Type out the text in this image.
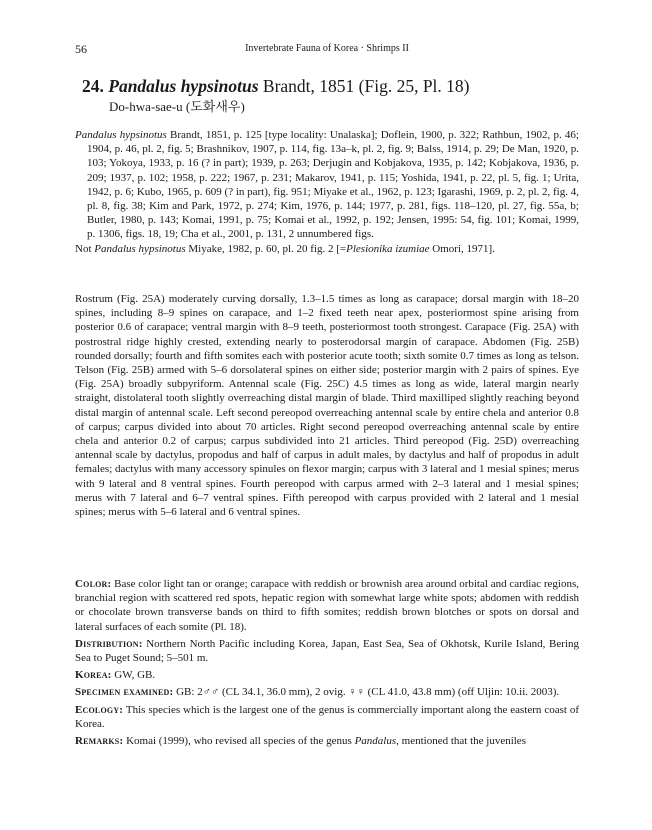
56	Invertebrate Fauna of Korea · Shrimps II
24. Pandalus hypsinotus Brandt, 1851 (Fig. 25, Pl. 18)
Do-hwa-sae-u (도화새우)

Pandalus hypsinotus Brandt, 1851, p. 125 [type locality: Unalaska]; Doflein, 1900, p. 322; Rathbun, 1902, p. 46; 1904, p. 46, pl. 2, fig. 5; Brashnikov, 1907, p. 114, fig. 13a–k, pl. 2, fig. 9; Balss, 1914, p. 29; De Man, 1920, p. 103; Yokoya, 1933, p. 16 (? in part); 1939, p. 263; Derjugin and Kobjakova, 1935, p. 142; Kobjakova, 1936, p. 209; 1937, p. 102; 1958, p. 222; 1967, p. 231; Makarov, 1941, p. 115; Yoshida, 1941, p. 22, pl. 5, fig. 1; Urita, 1942, p. 6; Kubo, 1965, p. 609 (? in part), fig. 951; Miyake et al., 1962, p. 123; Igarashi, 1969, p. 2, pl. 2, fig. 4, pl. 8, fig. 38; Kim and Park, 1972, p. 274; Kim, 1976, p. 144; 1977, p. 281, figs. 118–120, pl. 27, fig. 55a, b; Butler, 1980, p. 143; Komai, 1991, p. 75; Komai et al., 1992, p. 192; Jensen, 1995: 54, fig. 101; Komai, 1999, p. 1306, figs. 18, 19; Cha et al., 2001, p. 131, 2 unnumbered figs.

Not Pandalus hypsinotus Miyake, 1982, p. 60, pl. 20 fig. 2 [=Plesionika izumiae Omori, 1971].

Rostrum (Fig. 25A) moderately curving dorsally, 1.3–1.5 times as long as carapace; dorsal margin with 18–20 spines, including 8–9 spines on carapace, and 1–2 fixed teeth near apex, posteriormost spine arising from posterior 0.6 of carapace; ventral margin with 8–9 teeth, posteriormost tooth strongest. Carapace (Fig. 25A) with postrostral ridge highly crested, extending nearly to posterodorsal margin of carapace. Abdomen (Fig. 25B) rounded dorsally; fourth and fifth somites each with posterior acute tooth; sixth somite 0.7 times as long as telson. Telson (Fig. 25B) armed with 5–6 dorsolateral spines on either side; posterior margin with 2 pairs of spines. Eye (Fig. 25A) broadly subpyriform. Antennal scale (Fig. 25C) 4.5 times as long as wide, lateral margin nearly straight, distolateral tooth slightly overreaching distal margin of blade. Third maxilliped slightly reaching beyond distal margin of antennal scale. Left second pereopod overreaching antennal scale by entire chela and anterior 0.8 of carpus; carpus divided into about 70 articles. Right second pereopod overreaching antennal scale by entire chela and anterior 0.2 of carpus; carpus subdivided into 21 articles. Third pereopod (Fig. 25D) overreaching antennal scale by dactylus, propodus and half of carpus in adult males, by dactylus and half of propodus in adult females; dactylus with many accessory spinules on flexor margin; carpus with 3 lateral and 1 mesial spines; merus with 9 lateral and 8 ventral spines. Fourth pereopod with carpus armed with 2–3 lateral and 1 mesial spines; merus with 7 lateral and 6–7 ventral spines. Fifth pereopod with carpus provided with 2 lateral and 1 mesial spines; merus with 5–6 lateral and 6 ventral spines.

Color: Base color light tan or orange; carapace with reddish or brownish area around orbital and cardiac regions, branchial region with scattered red spots, hepatic region with somewhat large white spots; abdomen with reddish or chocolate brown transverse bands on third to fifth somites; reddish brown blotches or spots on dorsal and lateral surfaces of each somite (Pl. 18).

Distribution: Northern North Pacific including Korea, Japan, East Sea, Sea of Okhotsk, Kurile Island, Bering Sea to Puget Sound; 5–501 m.

Korea: GW, GB.

Specimen examined: GB: 2♂♂ (CL 34.1, 36.0 mm), 2 ovig. ♀♀ (CL 41.0, 43.8 mm) (off Uljin: 10.ii. 2003).

Ecology: This species which is the largest one of the genus is commercially important along the eastern coast of Korea.

Remarks: Komai (1999), who revised all species of the genus Pandalus, mentioned that the juveniles
